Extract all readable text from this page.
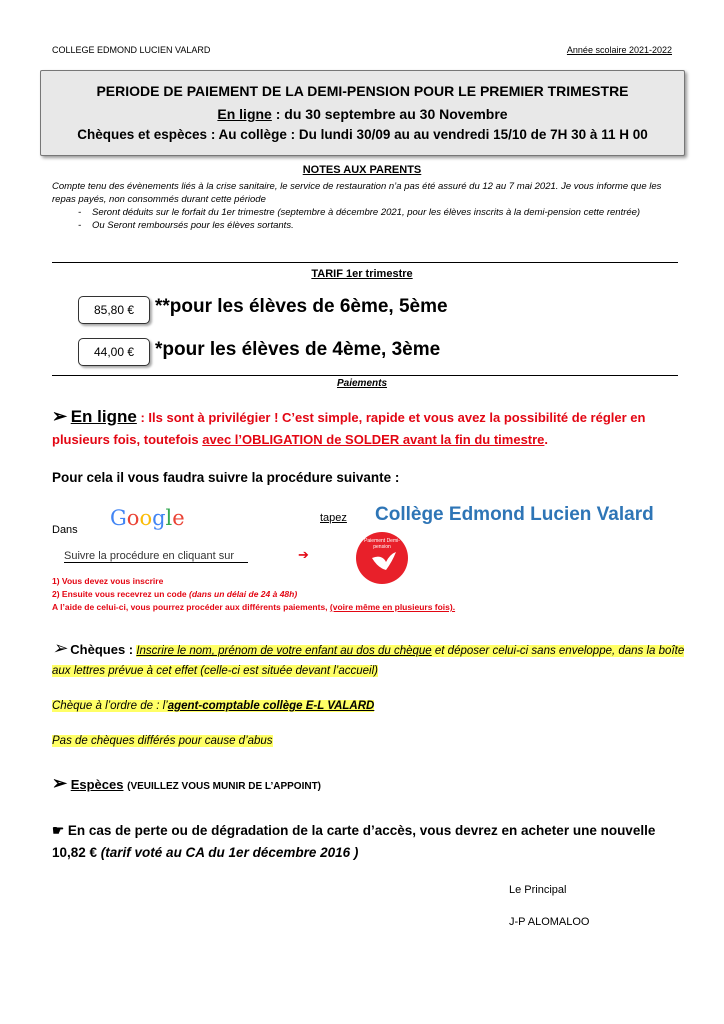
COLLEGE EDMOND LUCIEN VALARD	Année scolaire 2021-2022
PERIODE DE PAIEMENT DE LA DEMI-PENSION POUR LE PREMIER TRIMESTRE
En ligne : du 30 septembre au 30 Novembre
Chèques et espèces : Au collège : Du lundi 30/09 au au vendredi 15/10 de 7H 30 à 11 H 00
NOTES AUX PARENTS
Compte tenu des évènements liés à la crise sanitaire, le service de restauration n’a pas été assuré du 12 au 7 mai 2021. Je vous informe que les repas payés, non consommés durant cette période
- Seront déduits sur le forfait du 1er trimestre (septembre à décembre 2021, pour les élèves inscrits à la demi-pension cette rentrée)
- Ou Seront remboursés pour les élèves sortants.
TARIF 1er trimestre
85,80 €	**pour les élèves de 6ème, 5ème
44,00 €	*pour les élèves de 4ème, 3ème
Paiements
➢ En ligne : Ils sont à privilégier ! C’est simple, rapide et vous avez la possibilité de régler en plusieurs fois, toutefois avec l’OBLIGATION de SOLDER avant la fin du timestre.
Pour cela il vous faudra suivre la procédure suivante :
Dans Google	tapez Collège Edmond Lucien Valard
Suivre la procédure en cliquant sur	➔
Paiement Demi-pension
1) Vous devez vous inscrire
2) Ensuite vous recevrez un code (dans un délai de 24 à 48h)
A l’aide de celui-ci, vous pourrez procéder aux différents paiements, (voire même en plusieurs fois).
➢ Chèques : Inscrire le nom, prénom de votre enfant au dos du chèque et déposer celui-ci sans enveloppe, dans la boîte aux lettres prévue à cet effet (celle-ci est située devant l’accueil)
Chèque à l’ordre de : l’agent-comptable collège E-L VALARD
Pas de chèques différés pour cause d’abus
➢ Espèces (VEUILLEZ VOUS MUNIR DE L’APPOINT)
☛ En cas de perte ou de dégradation de la carte d’accès, vous devrez en acheter une nouvelle 10,82 € (tarif voté au CA du 1er décembre 2016 )
Le Principal
J-P ALOMALOO
